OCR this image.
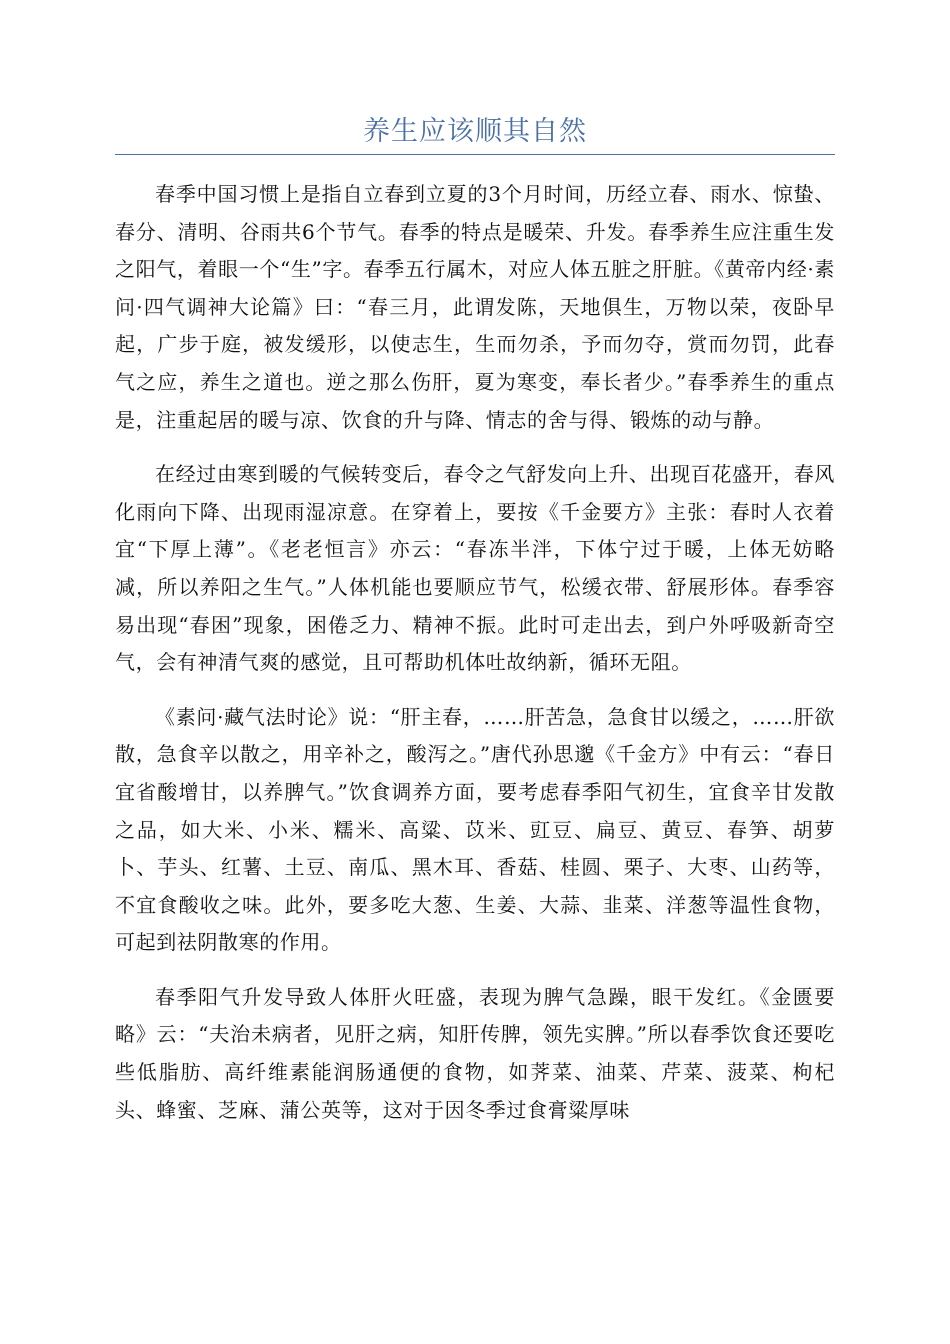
养生应该顺其自然

春季中国习惯上是指自立春到立夏的3个月时间，历经立春、雨水、惊蛰、春分、清明、谷雨共6个节气。春季的特点是暖荣、升发。春季养生应注重生发之阳气，着眼一个“生”字。春季五行属木，对应人体五脏之肝脏。《黄帝内经·素问·四气调神大论篇》曰：“春三月，此谓发陈，天地俱生，万物以荣，夜卧早起，广步于庭，被发缓形，以使志生，生而勿杀，予而勿夺，赏而勿罚，此春气之应，养生之道也。逆之那么伤肝，夏为寒变，奉长者少。”春季养生的重点是，注重起居的暖与凉、饮食的升与降、情志的舍与得、锻炼的动与静。

在经过由寒到暖的气候转变后，春令之气舒发向上升、出现百花盛开，春风化雨向下降、出现雨湿凉意。在穿着上，要按《千金要方》主张：春时人衣着宜“下厚上薄”。《老老恒言》亦云：“春冻半泮，下体宁过于暖，上体无妨略减，所以养阳之生气。”人体机能也要顺应节气，松缓衣带、舒展形体。春季容易出现“春困”现象，困倦乏力、精神不振。此时可走出去，到户外呼吸新奇空气，会有神清气爽的感觉，且可帮助机体吐故纳新，循环无阻。

《素问·藏气法时论》说：“肝主春，……肝苦急，急食甘以缓之，……肝欲散，急食辛以散之，用辛补之，酸泻之。”唐代孙思邈《千金方》中有云：“春日宜省酸增甘，以养脾气。”饮食调养方面，要考虑春季阳气初生，宜食辛甘发散之品，如大米、小米、糯米、高粱、苡米、豇豆、扁豆、黄豆、春笋、胡萝卜、芋头、红薯、土豆、南瓜、黑木耳、香菇、桂圆、栗子、大枣、山药等，不宜食酸收之味。此外，要多吃大葱、生姜、大蒜、韭菜、洋葱等温性食物，可起到祛阴散寒的作用。

春季阳气升发导致人体肝火旺盛，表现为脾气急躁，眼干发红。《金匮要略》云：“夫治未病者，见肝之病，知肝传脾，领先实脾。”所以春季饮食还要吃些低脂肪、高纤维素能润肠通便的食物，如荠菜、油菜、芹菜、菠菜、枸杞头、蜂蜜、芝麻、蒲公英等，这对于因冬季过食膏粱厚味
